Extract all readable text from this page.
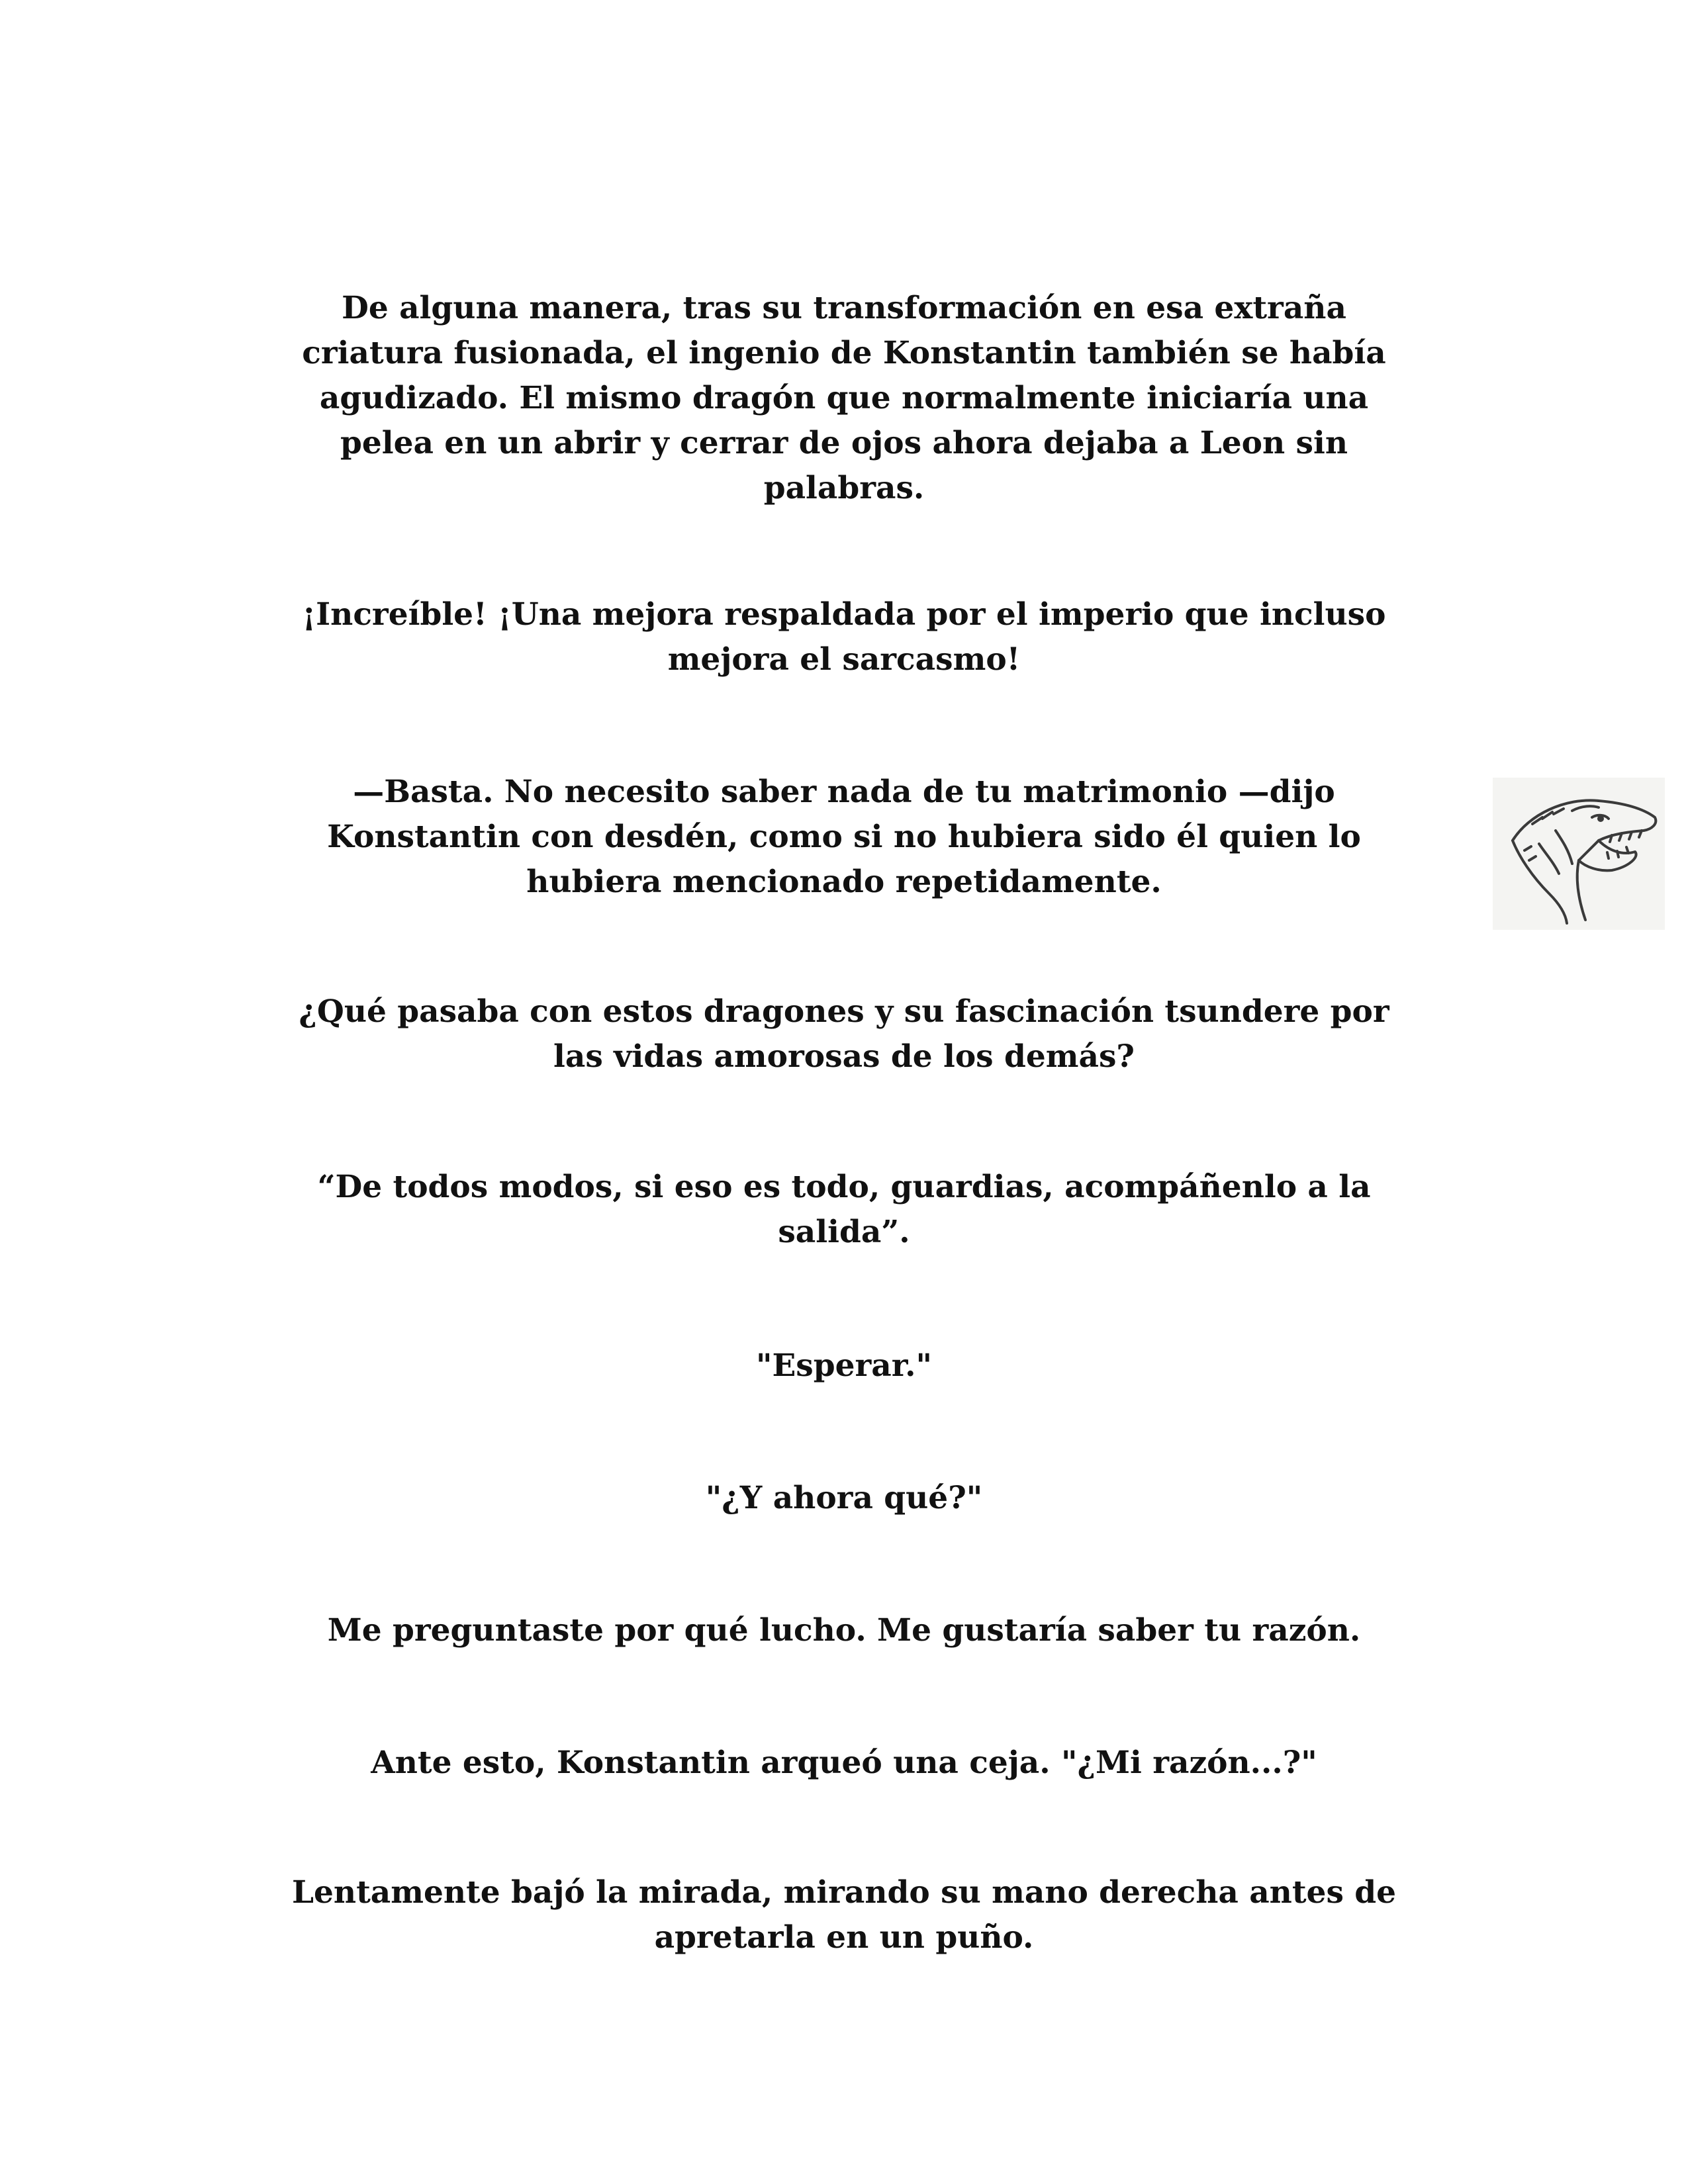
De alguna manera, tras su transformación en esa extraña
criatura fusionada, el ingenio de Konstantin también se había
agudizado. El mismo dragón que normalmente iniciaría una
pelea en un abrir y cerrar de ojos ahora dejaba a Leon sin
palabras.
¡Increíble! ¡Una mejora respaldada por el imperio que incluso
mejora el sarcasmo!
—Basta. No necesito saber nada de tu matrimonio —dijo
Konstantin con desdén, como si no hubiera sido él quien lo
hubiera mencionado repetidamente.
¿Qué pasaba con estos dragones y su fascinación tsundere por
las vidas amorosas de los demás?
“De todos modos, si eso es todo, guardias, acompáñenlo a la
salida”.
"Esperar."
"¿Y ahora qué?"
Me preguntaste por qué lucho. Me gustaría saber tu razón.
Ante esto, Konstantin arqueó una ceja. "¿Mi razón...?"
Lentamente bajó la mirada, mirando su mano derecha antes de
apretarla en un puño.
